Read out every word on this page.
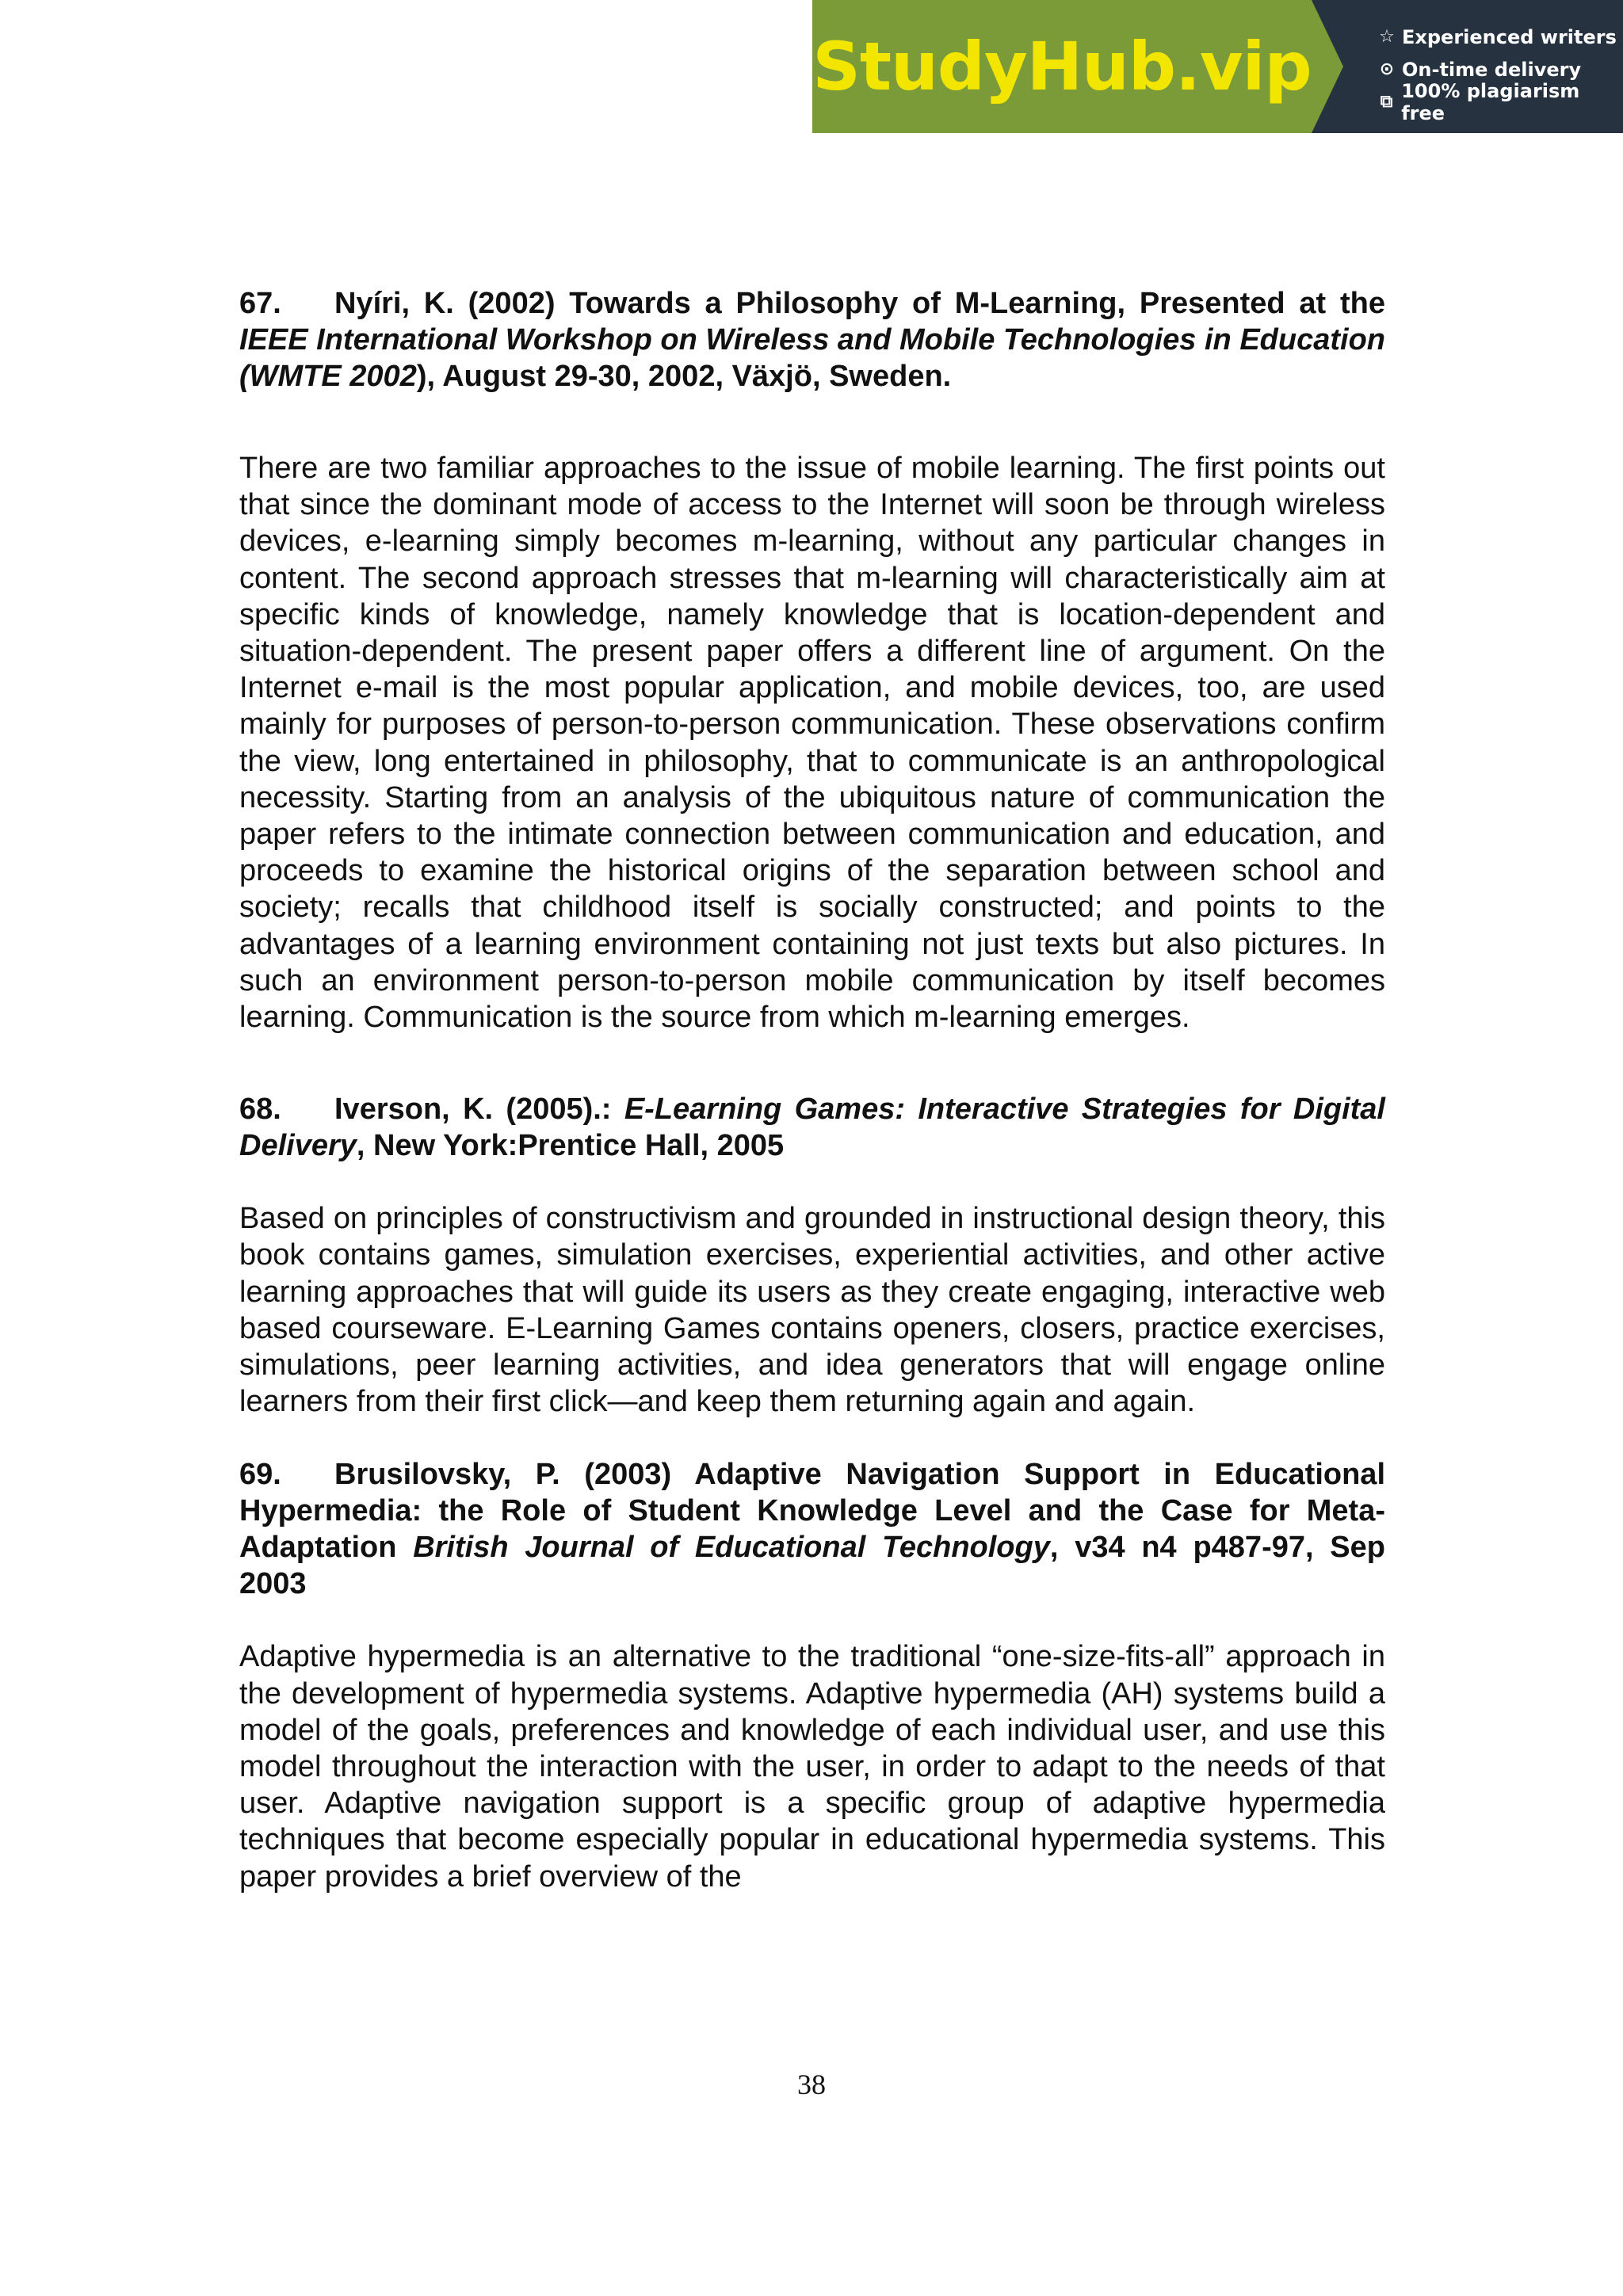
StudyHub.vip	☆ Experienced writers
⊙ On-time delivery
⧉ 100% plagiarism free

67. Nyíri, K. (2002) Towards a Philosophy of M-Learning, Presented at the IEEE International Workshop on Wireless and Mobile Technologies in Education (WMTE 2002), August 29-30, 2002, Växjö, Sweden.

There are two familiar approaches to the issue of mobile learning. The first points out that since the dominant mode of access to the Internet will soon be through wireless devices, e-learning simply becomes m-learning, without any particular changes in content. The second approach stresses that m-learning will characteristically aim at specific kinds of knowledge, namely knowledge that is location-dependent and situation-dependent. The present paper offers a different line of argument. On the Internet e-mail is the most popular application, and mobile devices, too, are used mainly for purposes of person-to-person communication. These observations confirm the view, long entertained in philosophy, that to communicate is an anthropological necessity. Starting from an analysis of the ubiquitous nature of communication the paper refers to the intimate connection between communication and education, and proceeds to examine the historical origins of the separation between school and society; recalls that childhood itself is socially constructed; and points to the advantages of a learning environment containing not just texts but also pictures. In such an environment person-to-person mobile communication by itself becomes learning. Communication is the source from which m-learning emerges.

68. Iverson, K. (2005).: E-Learning Games: Interactive Strategies for Digital Delivery, New York:Prentice Hall, 2005

Based on principles of constructivism and grounded in instructional design theory, this book contains games, simulation exercises, experiential activities, and other active learning approaches that will guide its users as they create engaging, interactive web based courseware. E-Learning Games contains openers, closers, practice exercises, simulations, peer learning activities, and idea generators that will engage online learners from their first click—and keep them returning again and again.

69. Brusilovsky, P. (2003) Adaptive Navigation Support in Educational Hypermedia: the Role of Student Knowledge Level and the Case for Meta-Adaptation British Journal of Educational Technology, v34 n4 p487-97, Sep 2003

Adaptive hypermedia is an alternative to the traditional “one-size-fits-all” approach in the development of hypermedia systems. Adaptive hypermedia (AH) systems build a model of the goals, preferences and knowledge of each individual user, and use this model throughout the interaction with the user, in order to adapt to the needs of that user. Adaptive navigation support is a specific group of adaptive hypermedia techniques that become especially popular in educational hypermedia systems. This paper provides a brief overview of the

38
